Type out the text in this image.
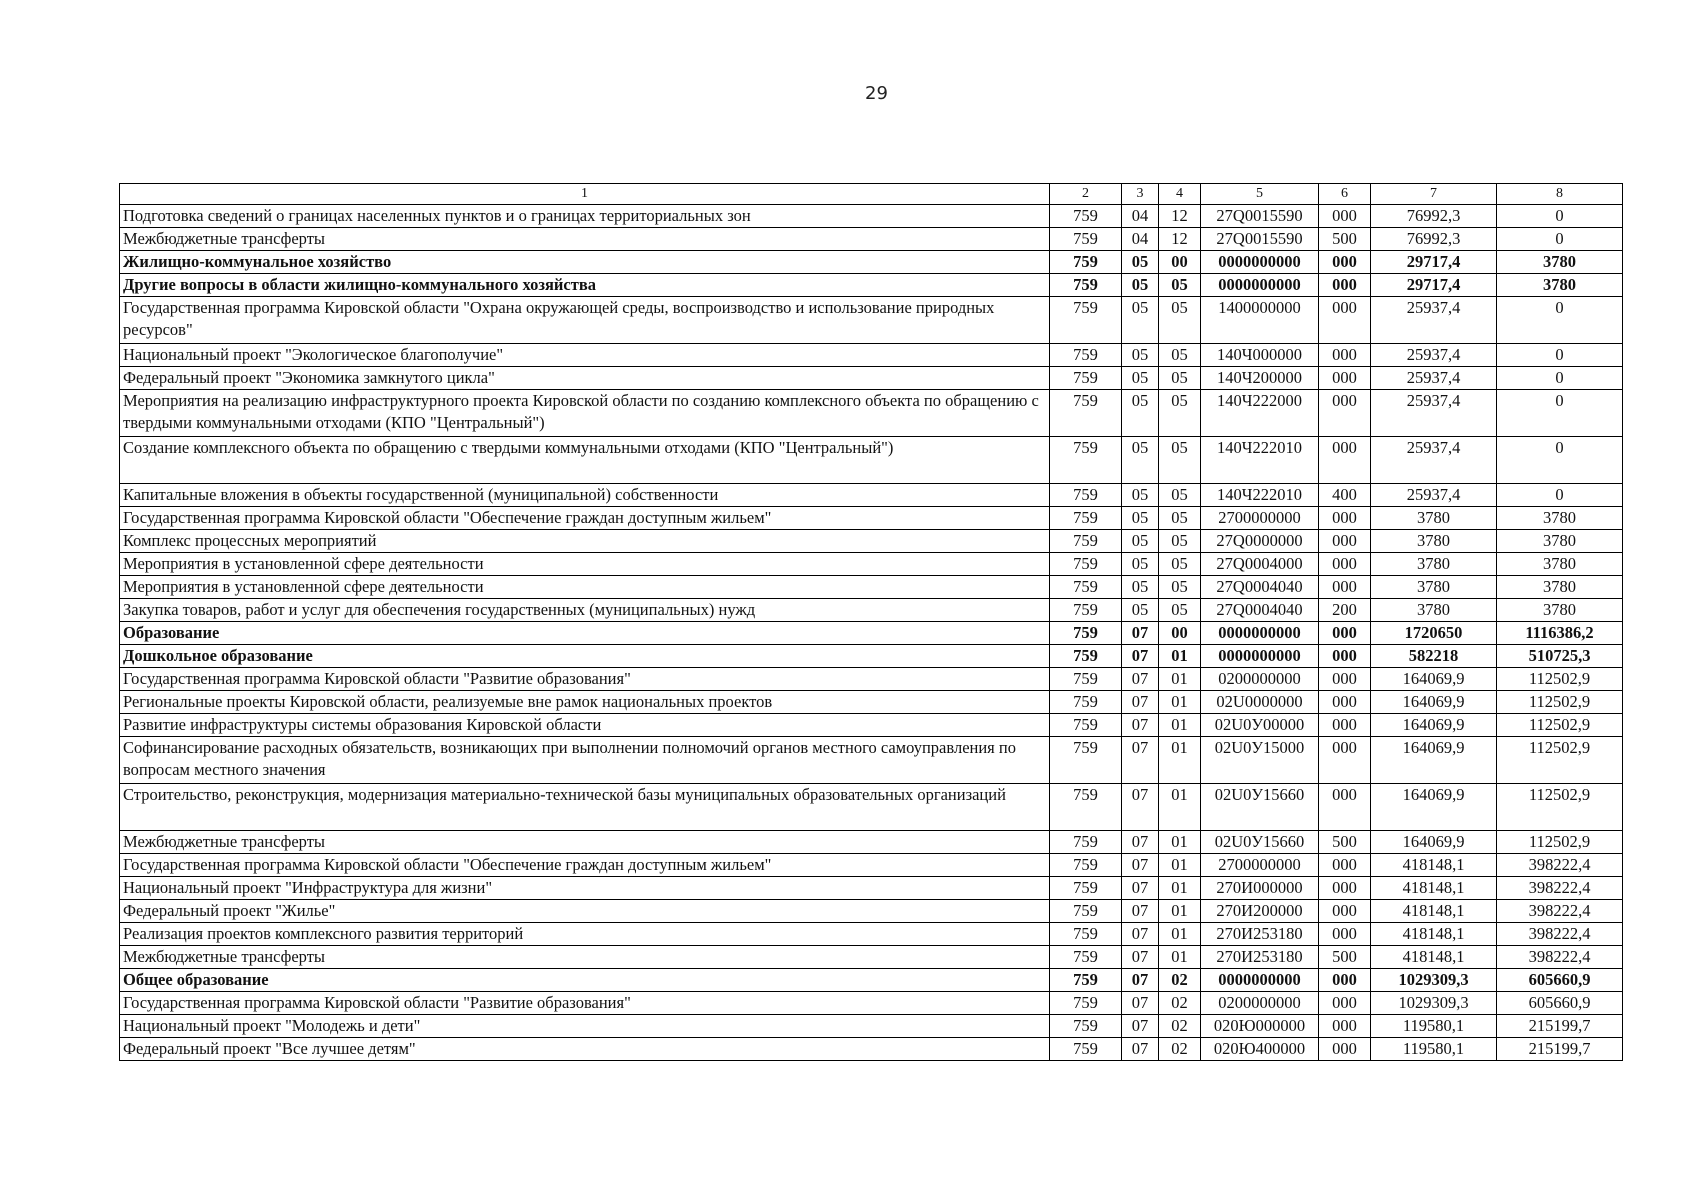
29
1	2	3	4	5	6	7	8
Подготовка сведений о границах населенных пунктов и о границах территориальных зон	759	04	12	27Q0015590	000	76992,3	0
Межбюджетные трансферты	759	04	12	27Q0015590	500	76992,3	0
Жилищно-коммунальное хозяйство	759	05	00	0000000000	000	29717,4	3780
Другие вопросы в области жилищно-коммунального хозяйства	759	05	05	0000000000	000	29717,4	3780
Государственная программа Кировской области "Охрана окружающей среды, воспроизводство и использование природных ресурсов"	759	05	05	1400000000	000	25937,4	0
Национальный проект "Экологическое благополучие"	759	05	05	140Ч000000	000	25937,4	0
Федеральный проект "Экономика замкнутого цикла"	759	05	05	140Ч200000	000	25937,4	0
Мероприятия на реализацию инфраструктурного проекта Кировской области по созданию комплексного объекта по обращению с твердыми коммунальными отходами (КПО "Центральный")	759	05	05	140Ч222000	000	25937,4	0
Создание комплексного объекта по обращению с твердыми коммунальными отходами (КПО "Центральный")	759	05	05	140Ч222010	000	25937,4	0
Капитальные вложения в объекты государственной (муниципальной) собственности	759	05	05	140Ч222010	400	25937,4	0
Государственная программа Кировской области "Обеспечение граждан доступным жильем"	759	05	05	2700000000	000	3780	3780
Комплекс процессных мероприятий	759	05	05	27Q0000000	000	3780	3780
Мероприятия в установленной сфере деятельности	759	05	05	27Q0004000	000	3780	3780
Мероприятия в установленной сфере деятельности	759	05	05	27Q0004040	000	3780	3780
Закупка товаров, работ и услуг для обеспечения государственных (муниципальных) нужд	759	05	05	27Q0004040	200	3780	3780
Образование	759	07	00	0000000000	000	1720650	1116386,2
Дошкольное образование	759	07	01	0000000000	000	582218	510725,3
Государственная программа Кировской области "Развитие образования"	759	07	01	0200000000	000	164069,9	112502,9
Региональные проекты Кировской области, реализуемые вне рамок национальных проектов	759	07	01	02U0000000	000	164069,9	112502,9
Развитие инфраструктуры системы образования Кировской области	759	07	01	02U0У00000	000	164069,9	112502,9
Софинансирование расходных обязательств, возникающих при выполнении полномочий органов местного самоуправления по вопросам местного значения	759	07	01	02U0У15000	000	164069,9	112502,9
Строительство, реконструкция, модернизация материально-технической базы муниципальных образовательных организаций	759	07	01	02U0У15660	000	164069,9	112502,9
Межбюджетные трансферты	759	07	01	02U0У15660	500	164069,9	112502,9
Государственная программа Кировской области "Обеспечение граждан доступным жильем"	759	07	01	2700000000	000	418148,1	398222,4
Национальный проект "Инфраструктура для жизни"	759	07	01	270И000000	000	418148,1	398222,4
Федеральный проект "Жилье"	759	07	01	270И200000	000	418148,1	398222,4
Реализация проектов комплексного развития территорий	759	07	01	270И253180	000	418148,1	398222,4
Межбюджетные трансферты	759	07	01	270И253180	500	418148,1	398222,4
Общее образование	759	07	02	0000000000	000	1029309,3	605660,9
Государственная программа Кировской области "Развитие образования"	759	07	02	0200000000	000	1029309,3	605660,9
Национальный проект "Молодежь и дети"	759	07	02	020Ю000000	000	119580,1	215199,7
Федеральный проект "Все лучшее детям"	759	07	02	020Ю400000	000	119580,1	215199,7
